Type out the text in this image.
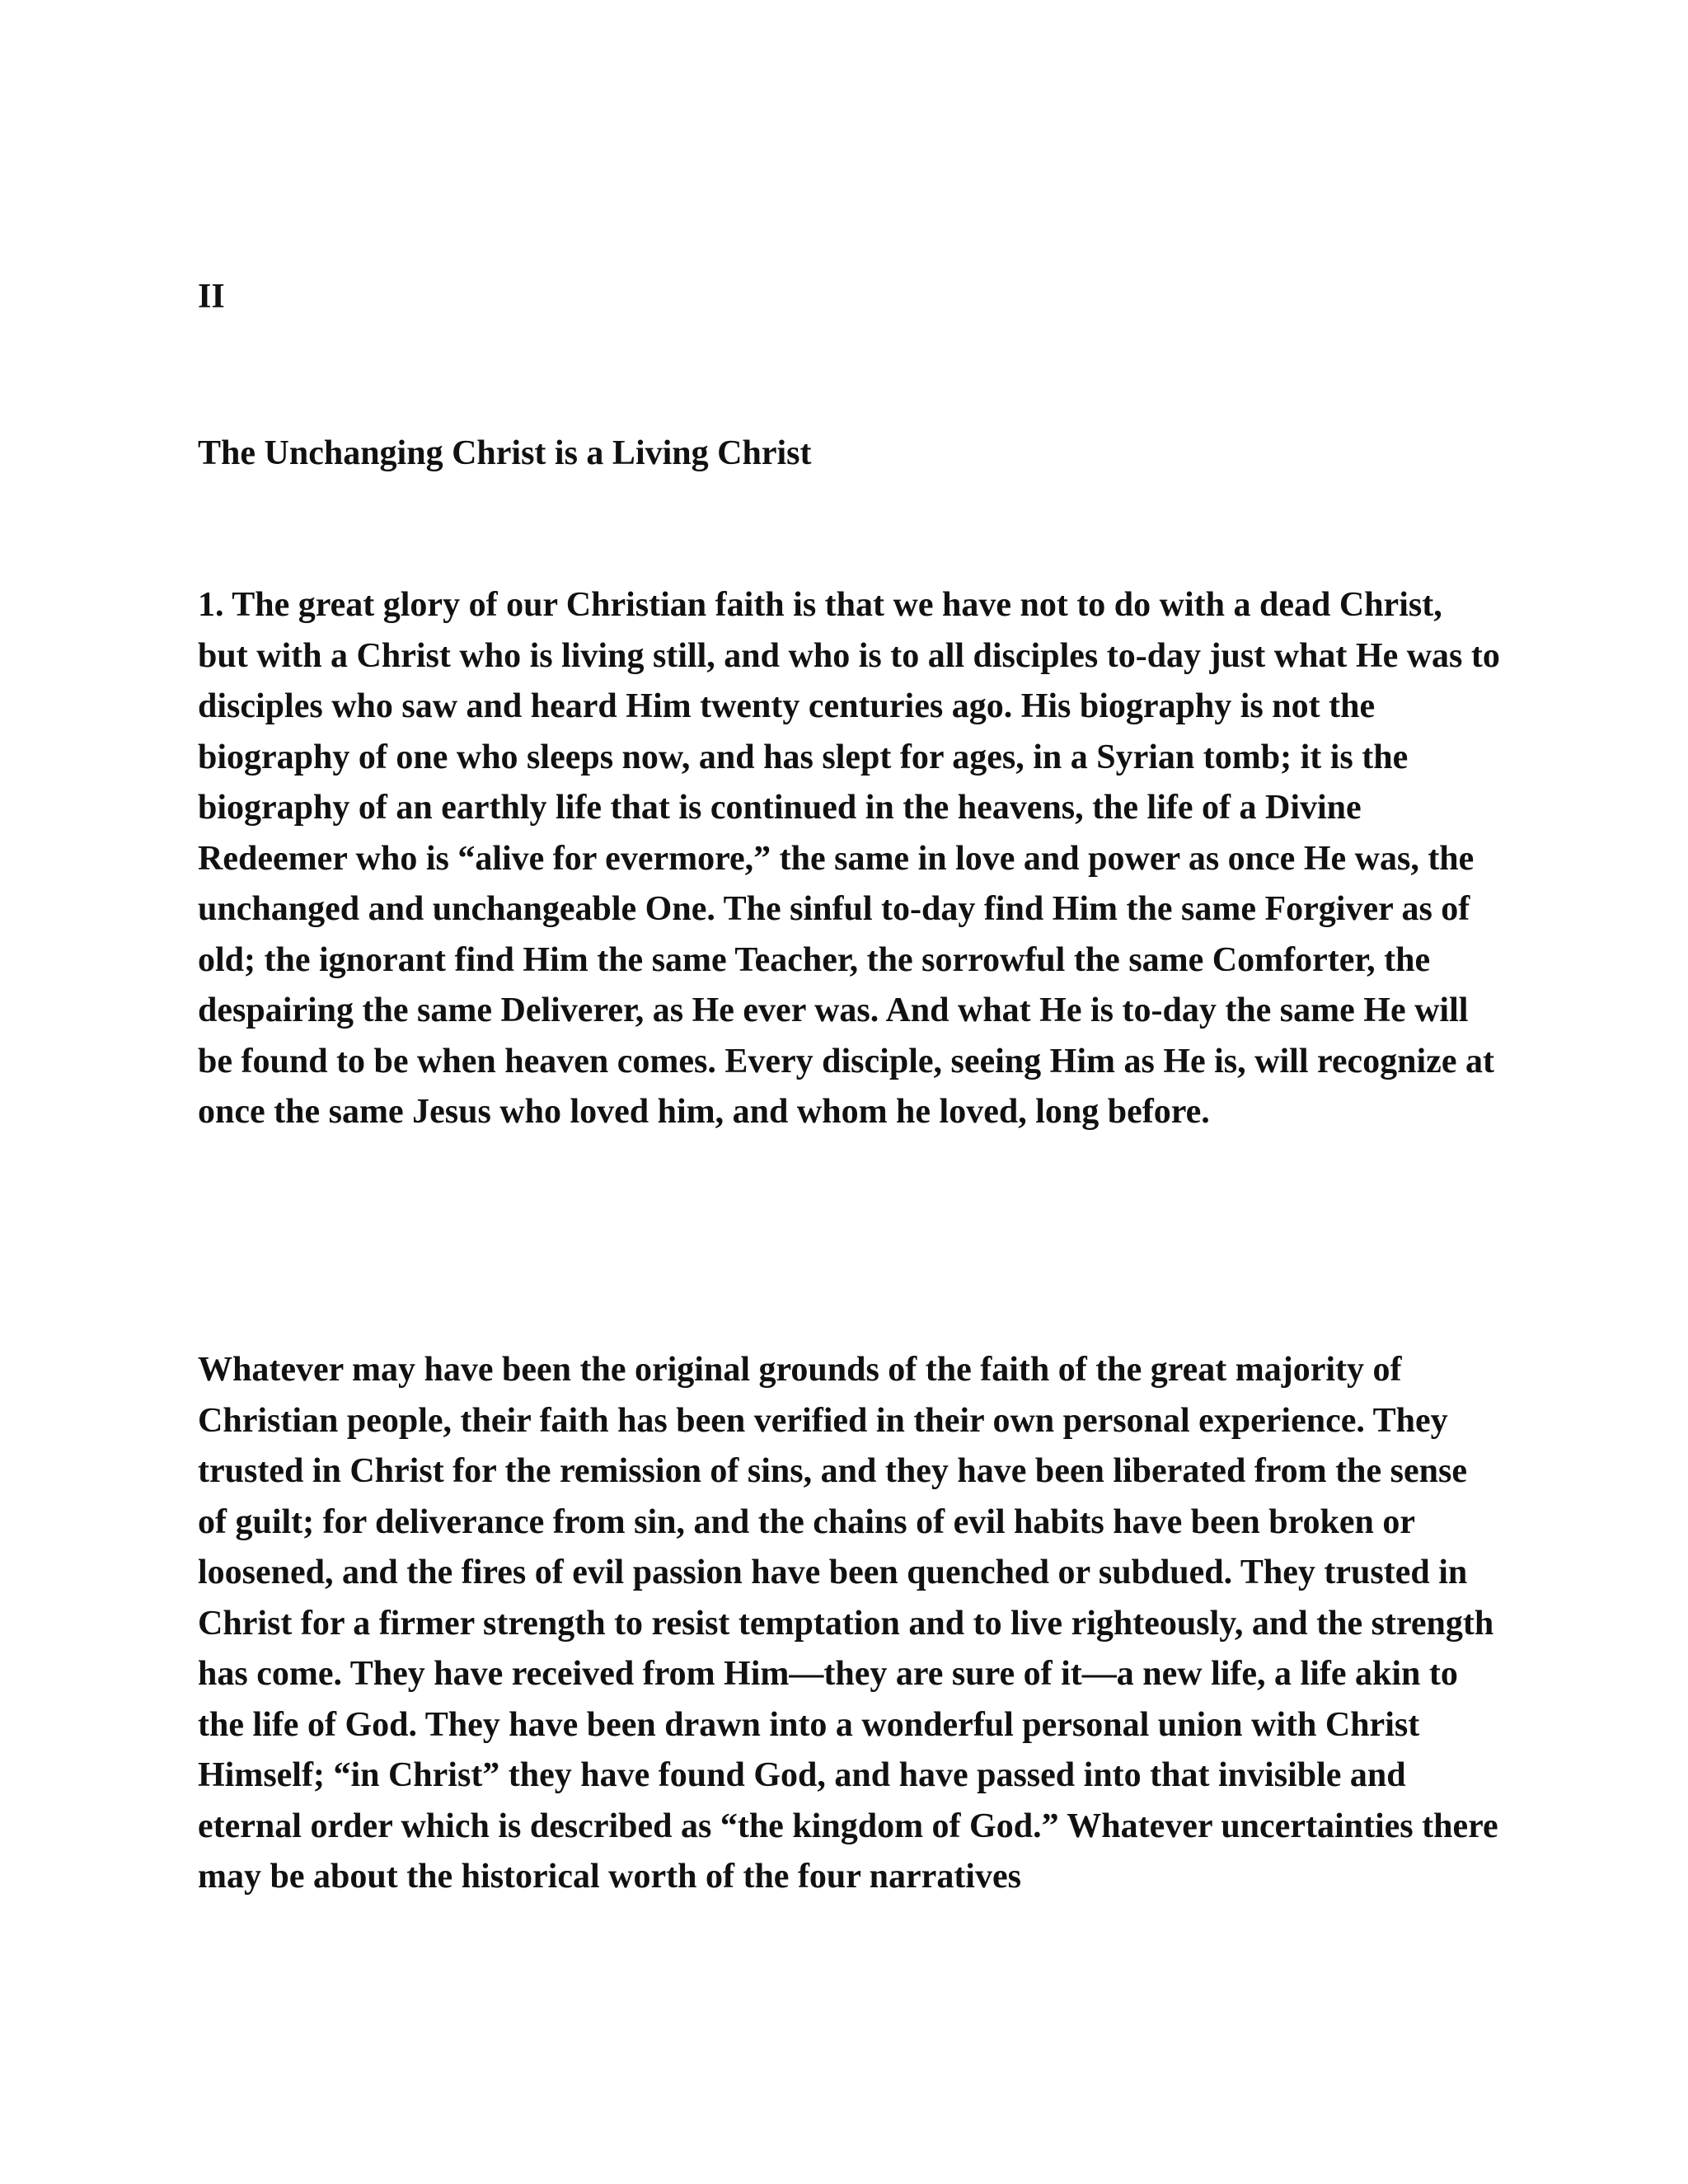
II

The Unchanging Christ is a Living Christ

1. The great glory of our Christian faith is that we have not to do with a dead Christ, but with a Christ who is living still, and who is to all disciples to-day just what He was to disciples who saw and heard Him twenty centuries ago. His biography is not the biography of one who sleeps now, and has slept for ages, in a Syrian tomb; it is the biography of an earthly life that is continued in the heavens, the life of a Divine Redeemer who is “alive for evermore,” the same in love and power as once He was, the unchanged and unchangeable One. The sinful to-day find Him the same Forgiver as of old; the ignorant find Him the same Teacher, the sorrowful the same Comforter, the despairing the same Deliverer, as He ever was. And what He is to-day the same He will be found to be when heaven comes. Every disciple, seeing Him as He is, will recognize at once the same Jesus who loved him, and whom he loved, long before.

Whatever may have been the original grounds of the faith of the great majority of Christian people, their faith has been verified in their own personal experience. They trusted in Christ for the remission of sins, and they have been liberated from the sense of guilt; for deliverance from sin, and the chains of evil habits have been broken or loosened, and the fires of evil passion have been quenched or subdued. They trusted in Christ for a firmer strength to resist temptation and to live righteously, and the strength has come. They have received from Him—they are sure of it—a new life, a life akin to the life of God. They have been drawn into a wonderful personal union with Christ Himself; “in Christ” they have found God, and have passed into that invisible and eternal order which is described as “the kingdom of God.” Whatever uncertainties there may be about the historical worth of the four narratives
